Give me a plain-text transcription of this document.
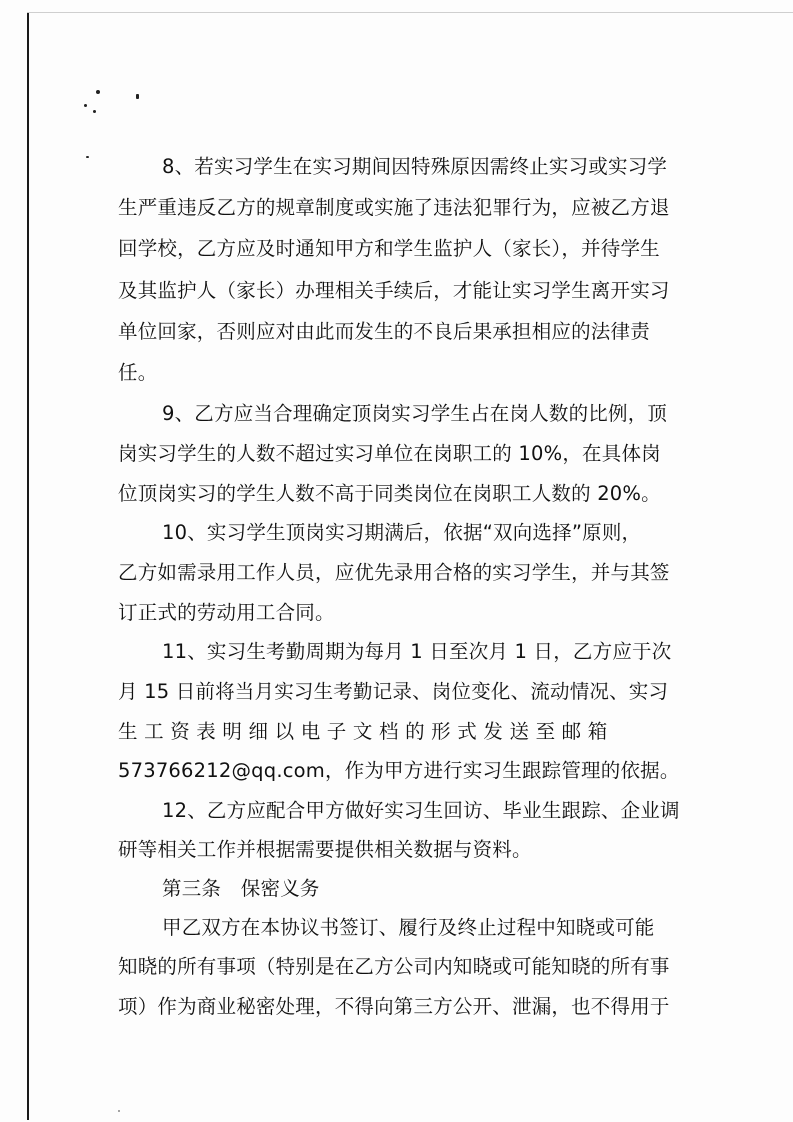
8、若实习学生在实习期间因特殊原因需终止实习或实习学
生严重违反乙方的规章制度或实施了违法犯罪行为，应被乙方退
回学校，乙方应及时通知甲方和学生监护人（家长），并待学生
及其监护人（家长）办理相关手续后，才能让实习学生离开实习
单位回家，否则应对由此而发生的不良后果承担相应的法律责
任。
9、乙方应当合理确定顶岗实习学生占在岗人数的比例，顶
岗实习学生的人数不超过实习单位在岗职工的 10%，在具体岗
位顶岗实习的学生人数不高于同类岗位在岗职工人数的 20%。
10、实习学生顶岗实习期满后，依据“双向选择”原则，
乙方如需录用工作人员，应优先录用合格的实习学生，并与其签
订正式的劳动用工合同。
11、实习生考勤周期为每月 1 日至次月 1 日，乙方应于次
月 15 日前将当月实习生考勤记录、岗位变化、流动情况、实习
生 工 资 表 明 细 以 电 子 文 档 的 形 式 发 送 至 邮 箱
573766212@qq.com，作为甲方进行实习生跟踪管理的依据。
12、乙方应配合甲方做好实习生回访、毕业生跟踪、企业调
研等相关工作并根据需要提供相关数据与资料。
第三条　保密义务
甲乙双方在本协议书签订、履行及终止过程中知晓或可能
知晓的所有事项（特别是在乙方公司内知晓或可能知晓的所有事
项）作为商业秘密处理，不得向第三方公开、泄漏，也不得用于
